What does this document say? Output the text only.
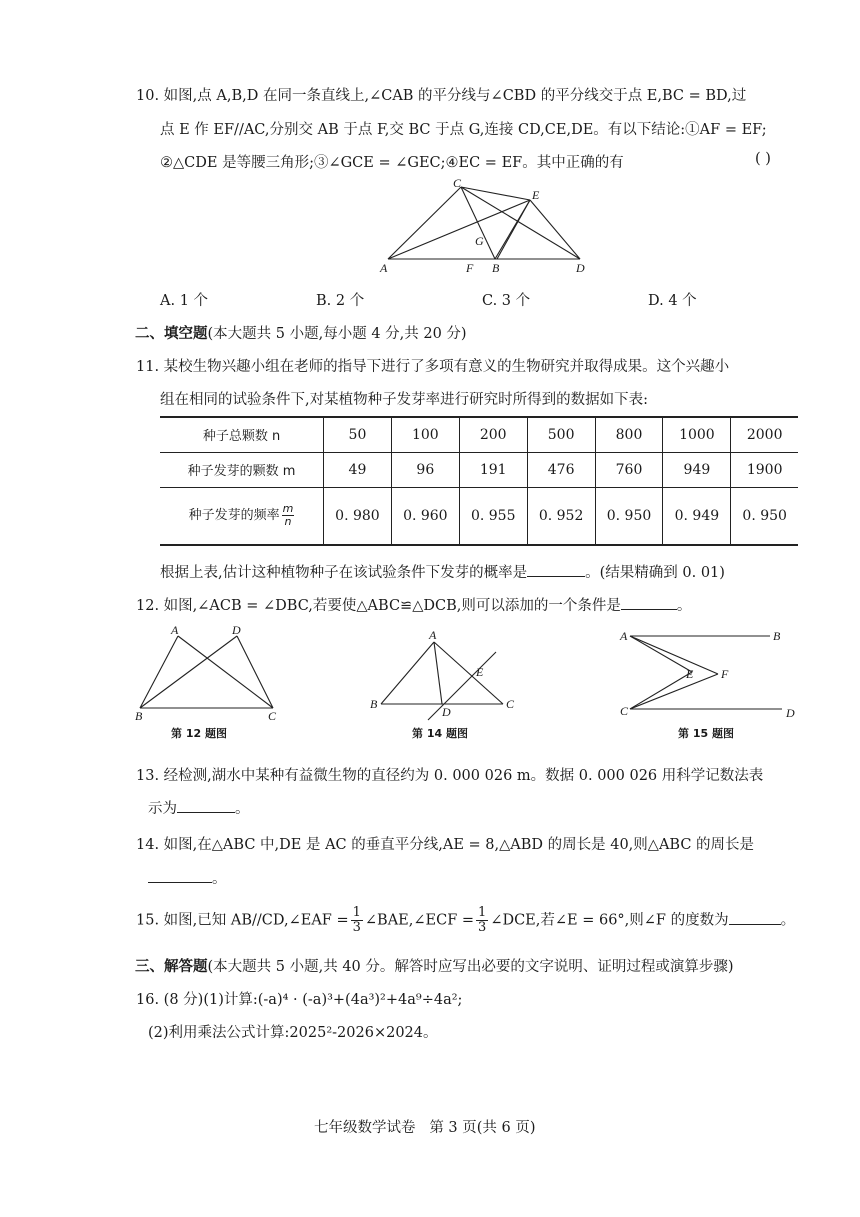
10. 如图,点 A,B,D 在同一条直线上,∠CAB 的平分线与∠CBD 的平分线交于点 E,BC = BD,过
点 E 作 EF//AC,分别交 AB 于点 F,交 BC 于点 G,连接 CD,CE,DE。有以下结论:①AF = EF;
②△CDE 是等腰三角形;③∠GCE = ∠GEC;④EC = EF。其中正确的有	( )
C
E
G
A	F B	D
A. 1 个	B. 2 个	C. 3 个	D. 4 个
二、填空题(本大题共 5 小题,每小题 4 分,共 20 分)
11. 某校生物兴趣小组在老师的指导下进行了多项有意义的生物研究并取得成果。这个兴趣小
组在相同的试验条件下,对某植物种子发芽率进行研究时所得到的数据如下表:
种子总颗数 n	50	100	200	500	800	1000	2000
种子发芽的颗数 m	49	96	191	476	760	949	1900
种子发芽的频率 $\frac{m}{n}$	0. 980	0. 960	0. 955	0. 952	0. 950	0. 949	0. 950
根据上表,估计这种植物种子在该试验条件下发芽的概率是	。(结果精确到 0. 01)
12. 如图,∠ACB = ∠DBC,若要使△ABC≌△DCB,则可以添加的一个条件是	。
A	D
B	C
第 12 题图
A
E
B
D
C
第 14 题图
A	B
E F
C	D
第 15 题图
13. 经检测,湖水中某种有益微生物的直径约为 0. 000 026 m。数据 0. 000 026 用科学记数法表
示为	。
14. 如图,在△ABC 中,DE 是 AC 的垂直平分线,AE = 8,△ABD 的周长是 40,则△ABC 的周长是
。
15. 如图,已知 AB//CD,∠EAF = $\frac{1}{3}$ ∠BAE,∠ECF = $\frac{1}{3}$ ∠DCE,若∠E = 66°,则∠F 的度数为	。
三、解答题(本大题共 5 小题,共 40 分。解答时应写出必要的文字说明、证明过程或演算步骤)
16. (8 分)(1)计算:(-a)⁴ · (-a)³+(4a³)²+4a⁹÷4a²;
(2)利用乘法公式计算:2025²-2026×2024。
七年级数学试卷   第 3 页(共 6 页)
